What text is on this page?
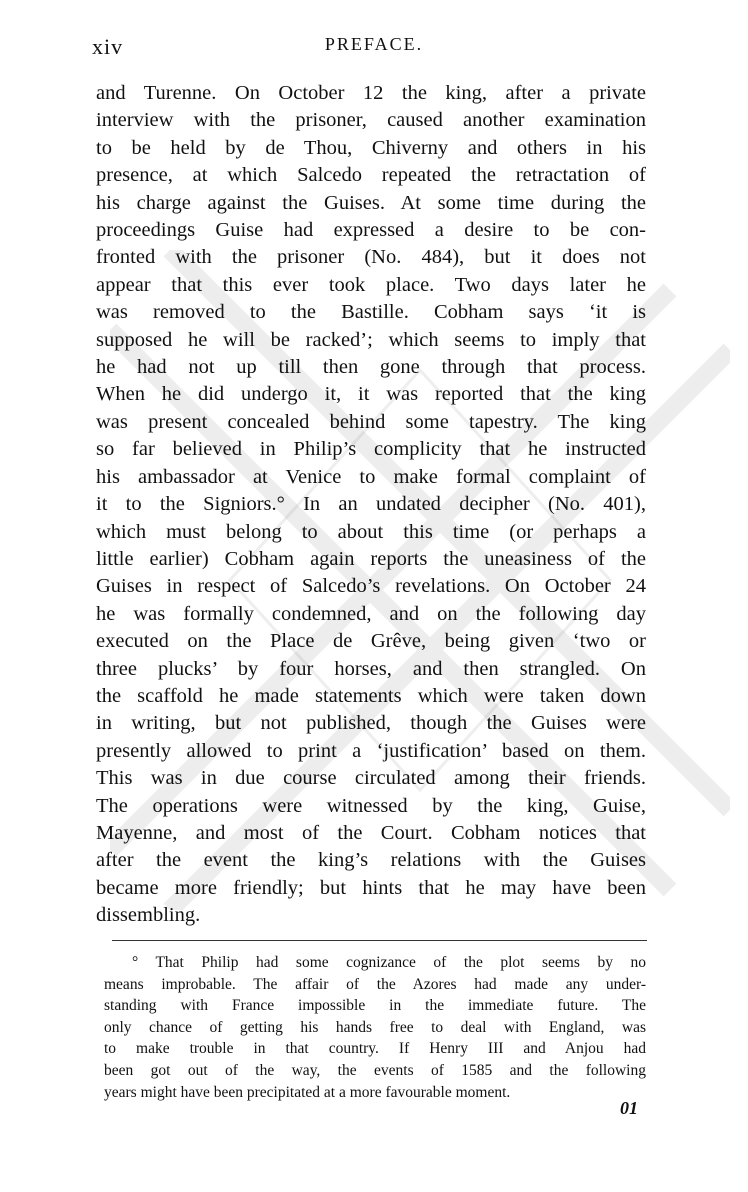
xiv	PREFACE.
and Turenne. On October 12 the king, after a private
interview with the prisoner, caused another examination
to be held by de Thou, Chiverny and others in his
presence, at which Salcedo repeated the retractation of
his charge against the Guises. At some time during the
proceedings Guise had expressed a desire to be con-
fronted with the prisoner (No. 484), but it does not
appear that this ever took place. Two days later he
was removed to the Bastille. Cobham says ‘it is
supposed he will be racked’; which seems to imply that
he had not up till then gone through that process.
When he did undergo it, it was reported that the king
was present concealed behind some tapestry. The king
so far believed in Philip’s complicity that he instructed
his ambassador at Venice to make formal complaint of
it to the Signiors.° In an undated decipher (No. 401),
which must belong to about this time (or perhaps a
little earlier) Cobham again reports the uneasiness of the
Guises in respect of Salcedo’s revelations. On October 24
he was formally condemned, and on the following day
executed on the Place de Grêve, being given ‘two or
three plucks’ by four horses, and then strangled. On
the scaffold he made statements which were taken down
in writing, but not published, though the Guises were
presently allowed to print a ‘justification’ based on them.
This was in due course circulated among their friends.
The operations were witnessed by the king, Guise,
Mayenne, and most of the Court. Cobham notices that
after the event the king’s relations with the Guises
became more friendly; but hints that he may have been
dissembling.
° That Philip had some cognizance of the plot seems by no
means improbable. The affair of the Azores had made any under-
standing with France impossible in the immediate future. The
only chance of getting his hands free to deal with England, was
to make trouble in that country. If Henry III and Anjou had
been got out of the way, the events of 1585 and the following
years might have been precipitated at a more favourable moment.
01
